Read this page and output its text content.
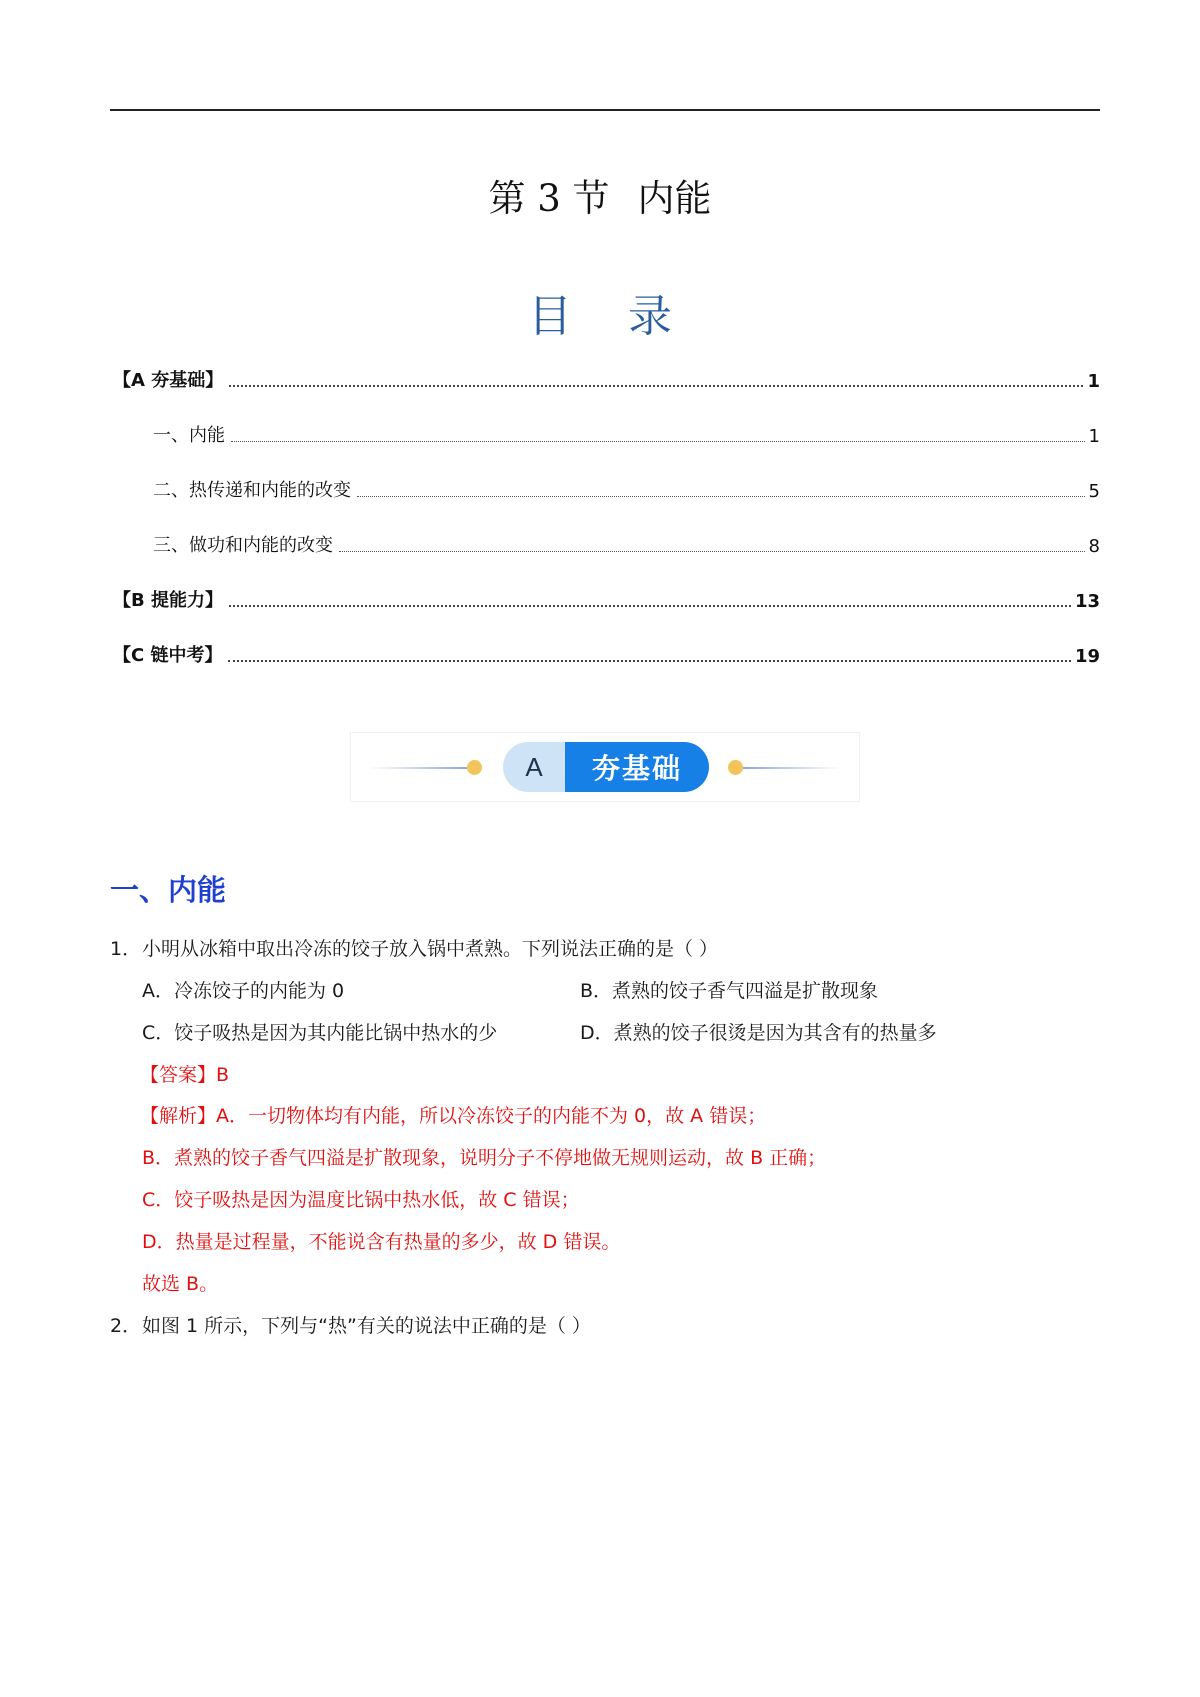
第 3 节 内能
目 录
【A 夯基础】	1
一、内能	1
二、热传递和内能的改变	5
三、做功和内能的改变	8
【B 提能力】	13
【C 链中考】	19
A	夯基础
一、内能
1．小明从冰箱中取出冷冻的饺子放入锅中煮熟。下列说法正确的是（ ）
A．冷冻饺子的内能为 0	B．煮熟的饺子香气四溢是扩散现象
C．饺子吸热是因为其内能比锅中热水的少	D．煮熟的饺子很烫是因为其含有的热量多
【答案】B
【解析】A．一切物体均有内能，所以冷冻饺子的内能不为 0，故 A 错误；
B．煮熟的饺子香气四溢是扩散现象，说明分子不停地做无规则运动，故 B 正确；
C．饺子吸热是因为温度比锅中热水低，故 C 错误；
D．热量是过程量，不能说含有热量的多少，故 D 错误。
故选 B。
2．如图 1 所示，下列与“热”有关的说法中正确的是（ ）
